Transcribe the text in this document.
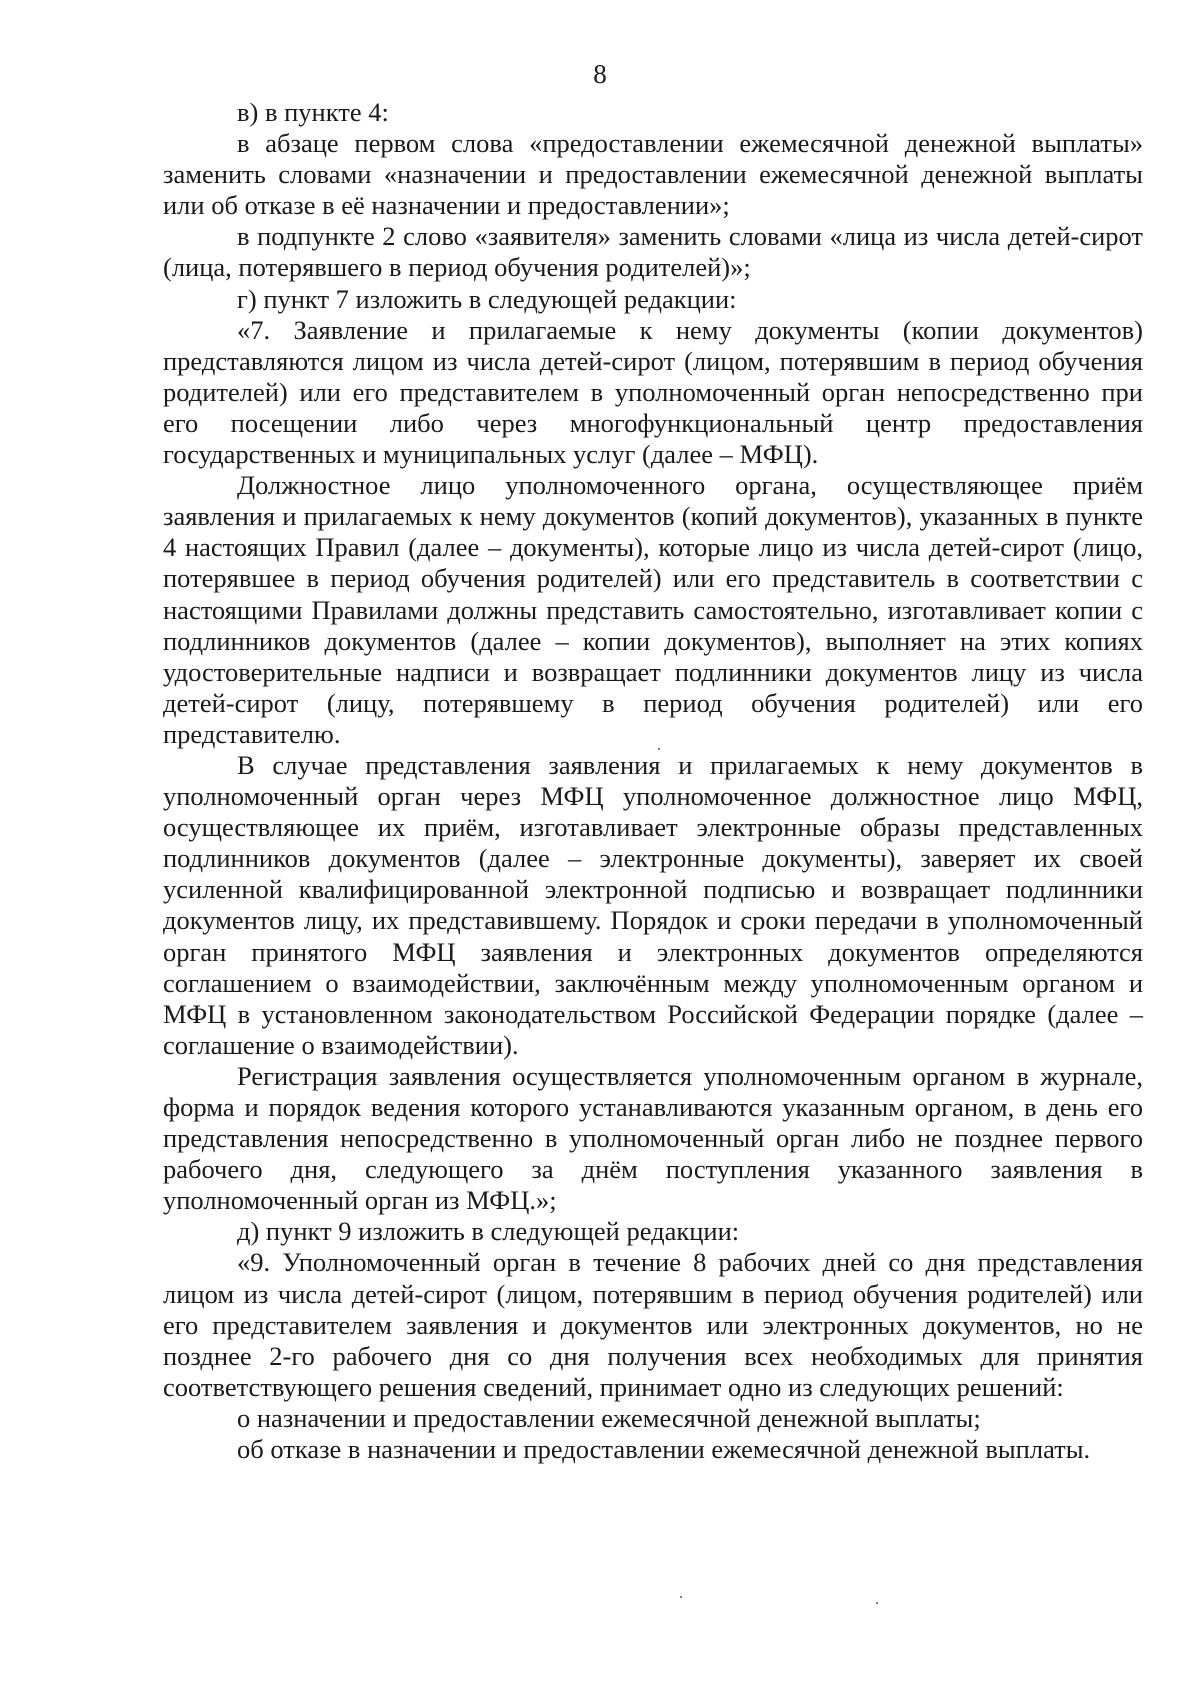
8

в) в пункте 4:

в абзаце первом слова «предоставлении ежемесячной денежной выплаты» заменить словами «назначении и предоставлении ежемесячной денежной выплаты или об отказе в её назначении и предоставлении»;

в подпункте 2 слово «заявителя» заменить словами «лица из числа детей-сирот (лица, потерявшего в период обучения родителей)»;

г) пункт 7 изложить в следующей редакции:

«7. Заявление и прилагаемые к нему документы (копии документов) представляются лицом из числа детей-сирот (лицом, потерявшим в период обучения родителей) или его представителем в уполномоченный орган непосредственно при его посещении либо через многофункциональный центр предоставления государственных и муниципальных услуг (далее – МФЦ).

Должностное лицо уполномоченного органа, осуществляющее приём заявления и прилагаемых к нему документов (копий документов), указанных в пункте 4 настоящих Правил (далее – документы), которые лицо из числа детей-сирот (лицо, потерявшее в период обучения родителей) или его представитель в соответствии с настоящими Правилами должны представить самостоятельно, изготавливает копии с подлинников документов (далее – копии документов), выполняет на этих копиях удостоверительные надписи и возвращает подлинники документов лицу из числа детей-сирот (лицу, потерявшему в период обучения родителей) или его представителю.

В случае представления заявления и прилагаемых к нему документов в уполномоченный орган через МФЦ уполномоченное должностное лицо МФЦ, осуществляющее их приём, изготавливает электронные образы представленных подлинников документов (далее – электронные документы), заверяет их своей усиленной квалифицированной электронной подписью и возвращает подлинники документов лицу, их представившему. Порядок и сроки передачи в уполномоченный орган принятого МФЦ заявления и электронных документов определяются соглашением о взаимодействии, заключённым между уполномоченным органом и МФЦ в установленном законодательством Российской Федерации порядке (далее – соглашение о взаимодействии).

Регистрация заявления осуществляется уполномоченным органом в журнале, форма и порядок ведения которого устанавливаются указанным органом, в день его представления непосредственно в уполномоченный орган либо не позднее первого рабочего дня, следующего за днём поступления указанного заявления в уполномоченный орган из МФЦ.»;

д) пункт 9 изложить в следующей редакции:

«9. Уполномоченный орган в течение 8 рабочих дней со дня представления лицом из числа детей-сирот (лицом, потерявшим в период обучения родителей) или его представителем заявления и документов или электронных документов, но не позднее 2-го рабочего дня со дня получения всех необходимых для принятия соответствующего решения сведений, принимает одно из следующих решений:

о назначении и предоставлении ежемесячной денежной выплаты;

об отказе в назначении и предоставлении ежемесячной денежной выплаты.
